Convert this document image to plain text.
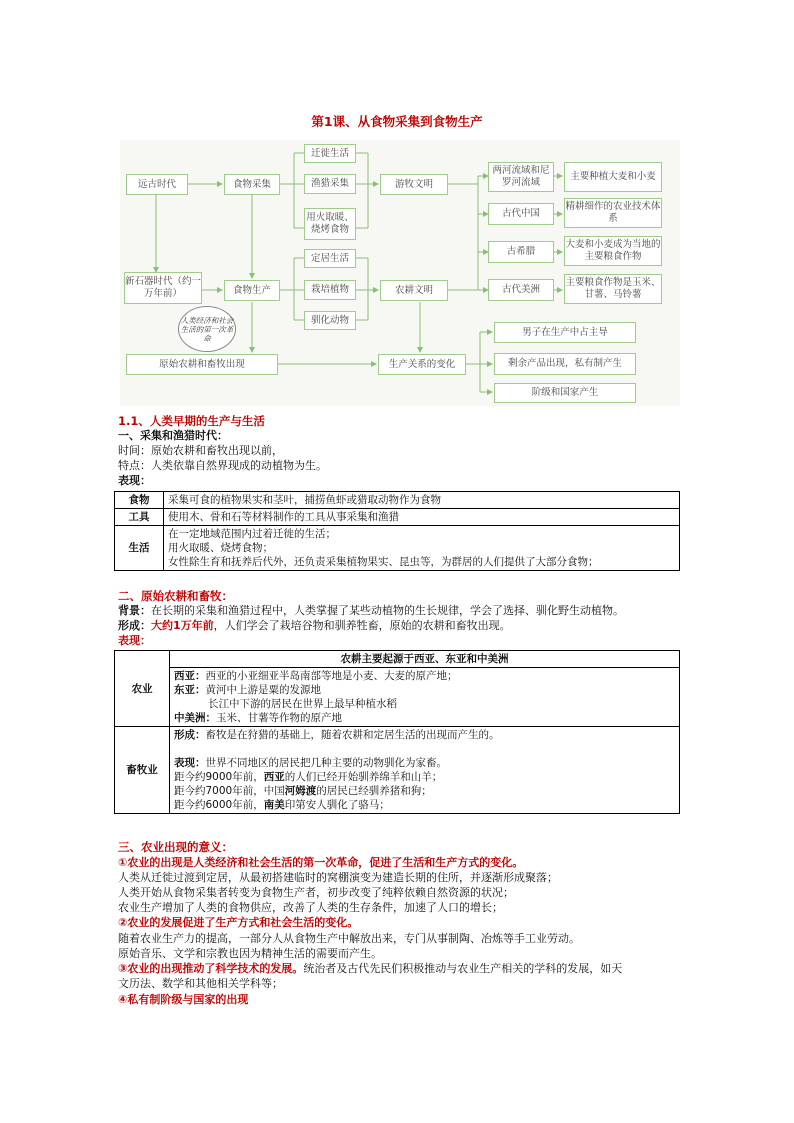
第1课、从食物采集到食物生产
远古时代	食物采集
迁徙生活
渔猎采集
用火取暖、烧烤食物
游牧文明
两河流域和尼罗河流域
主要种植大麦和小麦
古代中国
精耕细作的农业技术体系
古希腊
大麦和小麦成为当地的主要粮食作物
古代美洲
主要粮食作物是玉米、甘薯、马铃薯
新石器时代（约一万年前）	食物生产
定居生活
栽培植物
驯化动物
农耕文明
人类经济和社会生活的第一次革命
原始农耕和畜牧出现	生产关系的变化
男子在生产中占主导
剩余产品出现，私有制产生
阶级和国家产生
1.1、人类早期的生产与生活
一、采集和渔猎时代：
时间：原始农耕和畜牧出现以前，
特点：人类依靠自然界现成的动植物为生。
表现：
食物	采集可食的植物果实和茎叶，捕捞鱼虾或猎取动物作为食物
工具	使用木、骨和石等材料制作的工具从事采集和渔猎
生活	在一定地域范围内过着迁徙的生活；
用火取暖、烧烤食物；
女性除生育和抚养后代外，还负责采集植物果实、昆虫等，为群居的人们提供了大部分食物；
二、原始农耕和畜牧：
背景：在长期的采集和渔猎过程中，人类掌握了某些动植物的生长规律，学会了选择、驯化野生动植物。
形成：大约1万年前，人们学会了栽培谷物和驯养牲畜，原始的农耕和畜牧出现。
表现：
农业	农耕主要起源于西亚、东亚和中美洲

	西亚：西亚的小亚细亚半岛南部等地是小麦、大麦的原产地；
东亚：黄河中上游是粟的发源地
长江中下游的居民在世界上最早种植水稻
中美洲：玉米、甘薯等作物的原产地

畜牧业	形成：畜牧是在狩猎的基础上，随着农耕和定居生活的出现而产生的。
表现：世界不同地区的居民把几种主要的动物驯化为家畜。
距今约9000年前，西亚的人们已经开始驯养绵羊和山羊；
距今约7000年前，中国河姆渡的居民已经驯养猪和狗；
距今约6000年前，南美印第安人驯化了骆马；
三、农业出现的意义：
①农业的出现是人类经济和社会生活的第一次革命，促进了生活和生产方式的变化。
人类从迁徙过渡到定居，从最初搭建临时的窝棚演变为建造长期的住所，并逐渐形成聚落；
人类开始从食物采集者转变为食物生产者，初步改变了纯粹依赖自然资源的状况；
农业生产增加了人类的食物供应，改善了人类的生存条件，加速了人口的增长；
②农业的发展促进了生产方式和社会生活的变化。
随着农业生产力的提高，一部分人从食物生产中解放出来，专门从事制陶、冶炼等手工业劳动。
原始音乐、文学和宗教也因为精神生活的需要而产生。
③农业的出现推动了科学技术的发展。统治者及古代先民们积极推动与农业生产相关的学科的发展，如天
文历法、数学和其他相关学科等；
④私有制阶级与国家的出现
